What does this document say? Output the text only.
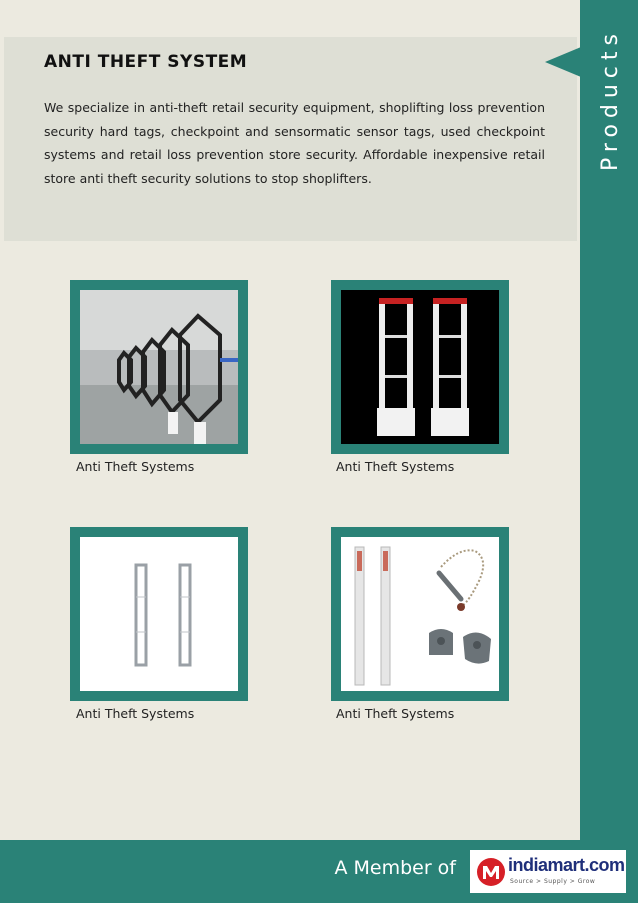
Products
ANTI THEFT SYSTEM

We specialize in anti-theft retail security equipment, shoplifting loss prevention security hard tags, checkpoint and sensormatic sensor tags, used checkpoint systems and retail loss prevention store security. Affordable inexpensive retail store anti theft security solutions to stop shoplifters.

Anti Theft Systems	Anti Theft Systems
Anti Theft Systems	Anti Theft Systems
A Member of	indiamart.com
Source > Supply > Grow
